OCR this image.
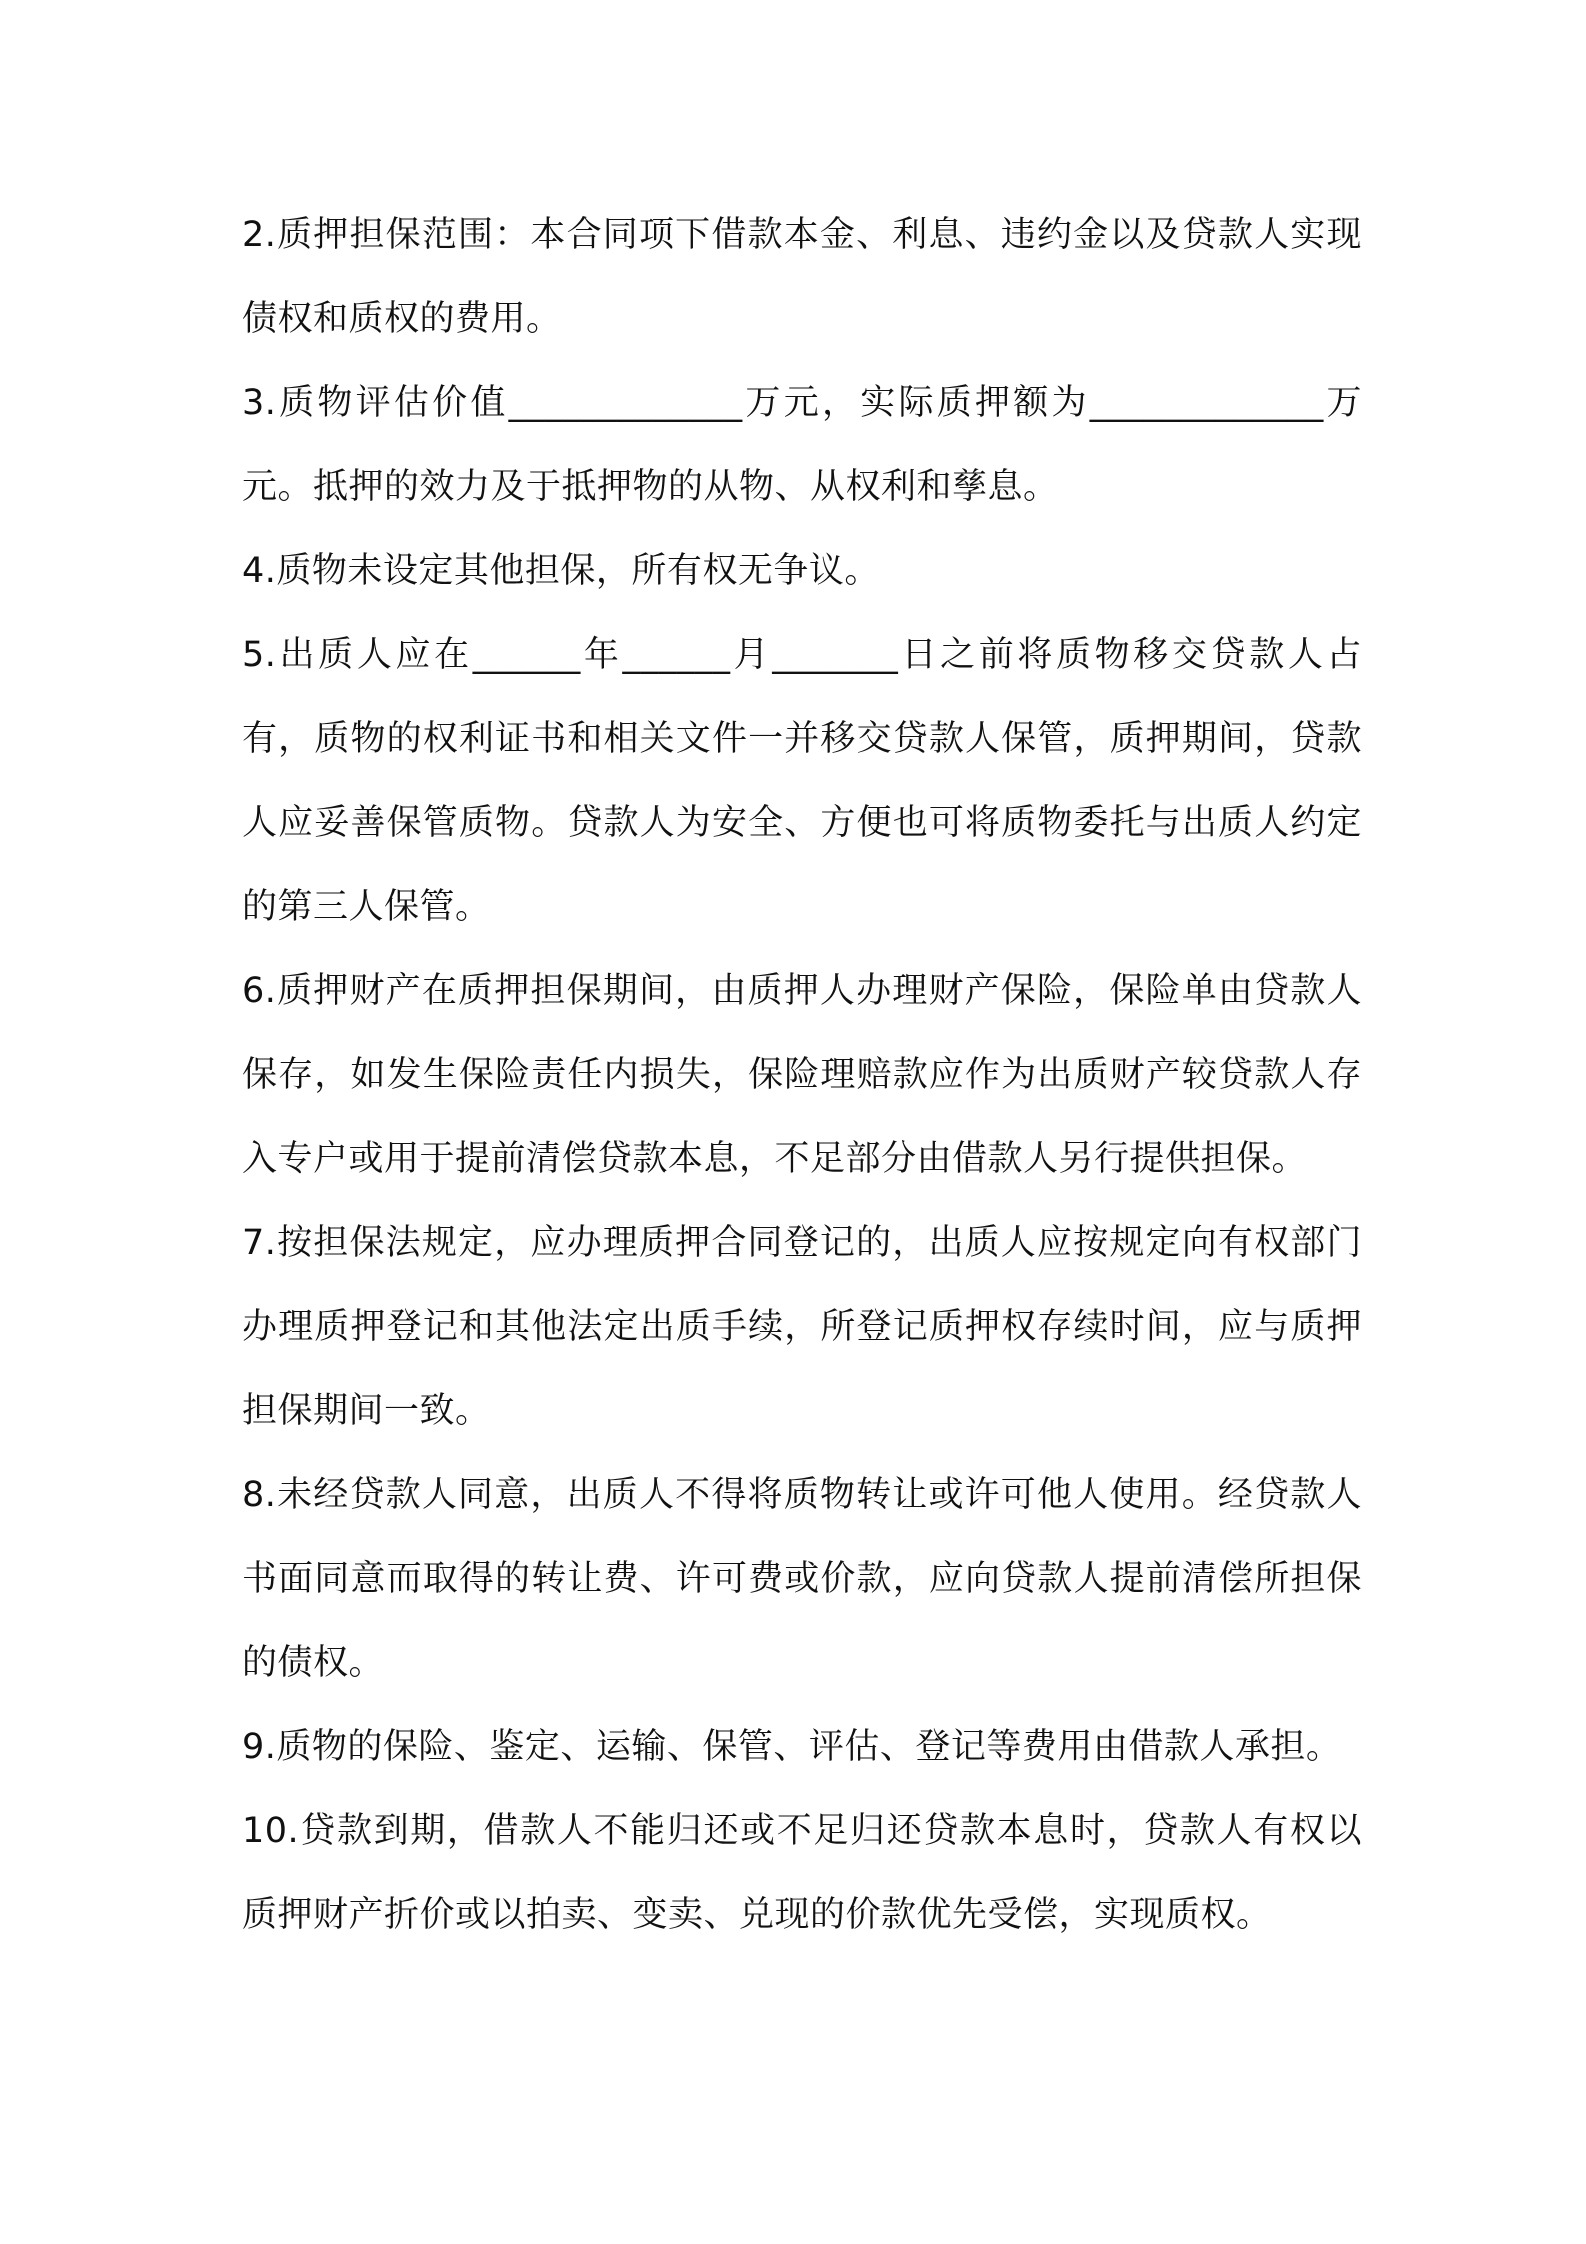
2.质押担保范围：本合同项下借款本金、利息、违约金以及贷款人实现债权和质权的费用。

3.质物评估价值_____________万元，实际质押额为_____________万元。抵押的效力及于抵押物的从物、从权利和孳息。

4.质物未设定其他担保，所有权无争议。

5.出质人应在______年______月_______日之前将质物移交贷款人占有，质物的权利证书和相关文件一并移交贷款人保管，质押期间，贷款人应妥善保管质物。贷款人为安全、方便也可将质物委托与出质人约定的第三人保管。

6.质押财产在质押担保期间，由质押人办理财产保险，保险单由贷款人保存，如发生保险责任内损失，保险理赔款应作为出质财产较贷款人存入专户或用于提前清偿贷款本息，不足部分由借款人另行提供担保。

7.按担保法规定，应办理质押合同登记的，出质人应按规定向有权部门办理质押登记和其他法定出质手续，所登记质押权存续时间，应与质押担保期间一致。

8.未经贷款人同意，出质人不得将质物转让或许可他人使用。经贷款人书面同意而取得的转让费、许可费或价款，应向贷款人提前清偿所担保的债权。

9.质物的保险、鉴定、运输、保管、评估、登记等费用由借款人承担。

10.贷款到期，借款人不能归还或不足归还贷款本息时，贷款人有权以质押财产折价或以拍卖、变卖、兑现的价款优先受偿，实现质权。
